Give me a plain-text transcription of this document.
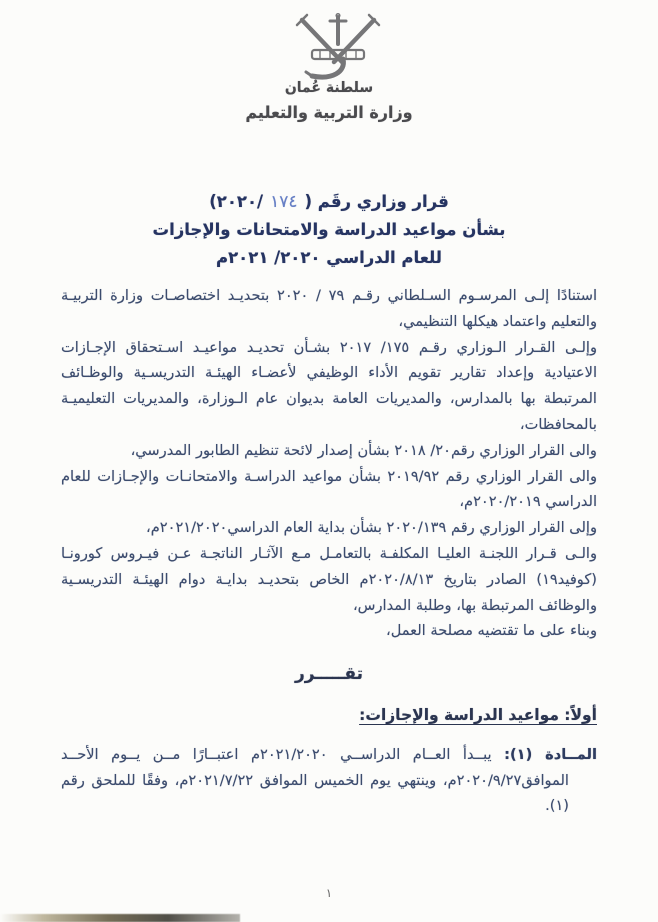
سلطنة عُمان
وزارة التربية والتعليم
قرار وزاري رقَم (٢٠٢٠/١٧٤)
بشأن مواعيد الدراسة والامتحانات والإجازات
للعام الدراسي ٢٠٢٠/ ٢٠٢١م

استنادًا إلـى المرسـوم السـلطاني رقـم ٧٩ / ٢٠٢٠ بتحديـد اختصاصـات وزارة التربيـة والتعليم واعتماد هيكلها التنظيمي،

وإلـى القـرار الـوزاري رقـم ١٧٥/ ٢٠١٧ بشـأن تحديـد مواعيـد اسـتحقاق الإجـازات الاعتيادية وإعداد تقارير تقويم الأداء الوظيفي لأعضـاء الهيئـة التدريسـية والوظـائف المرتبطة بها بالمدارس، والمديريات العامة بديوان عام الـوزارة، والمديريات التعليميـة بالمحافظات،

والى القرار الوزاري رقم٢٠/ ٢٠١٨ بشأن إصدار لائحة تنظيم الطابور المدرسي،

والى القرار الوزاري رقم ٢٠١٩/٩٢ بشأن مواعيد الدراسـة والامتحانـات والإجـازات للعام الدراسي ٢٠٢٠/٢٠١٩م،

وإلى القرار الوزاري رقم ٢٠٢٠/١٣٩ بشأن بداية العام الدراسي٢٠٢١/٢٠٢٠م،

والـى قـرار اللجنـة العليـا المكلفـة بالتعامـل مـع الآثـار الناتجـة عـن فيـروس كورونـا (كوفيد١٩) الصادر بتاريخ ٢٠٢٠/٨/١٣م الخاص بتحديـد بدايـة دوام الهيئـة التدريسـية والوظائف المرتبطة بها، وطلبة المدارس،

وبناء على ما تقتضيه مصلحة العمل،

تقـــــرر
أولاً: مواعيد الدراسة والإجازات:

المــادة (١): يبــدأ العــام الدراســي ٢٠٢١/٢٠٢٠م اعتبــارًا مــن يــوم الأحــد الموافق٢٠٢٠/٩/٢٧م، وينتهي يوم الخميس الموافق ٢٠٢١/٧/٢٢م، وفقًا للملحق رقم (١).

١
